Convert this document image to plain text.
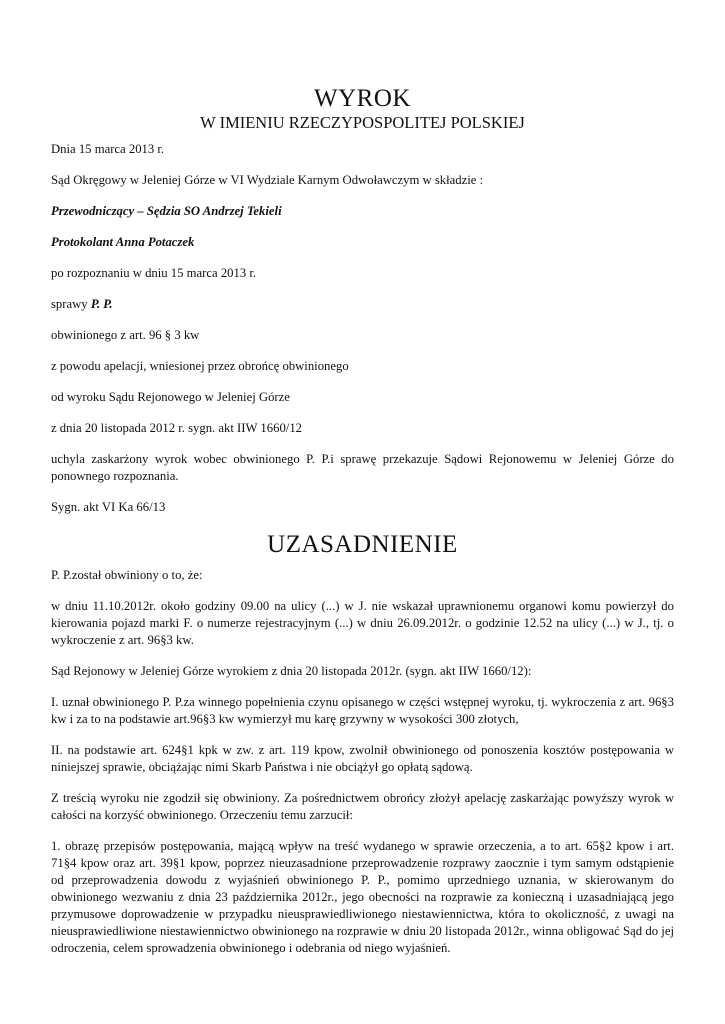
WYROK
W IMIENIU RZECZYPOSPOLITEJ POLSKIEJ

Dnia 15 marca 2013 r.

Sąd Okręgowy w Jeleniej Górze w VI Wydziale Karnym Odwoławczym w składzie :

Przewodniczący – Sędzia SO Andrzej Tekieli

Protokolant Anna Potaczek

po rozpoznaniu w dniu 15 marca 2013 r.

sprawy P. P.

obwinionego z art. 96 § 3 kw

z powodu apelacji, wniesionej przez obrońcę obwinionego

od wyroku Sądu Rejonowego w Jeleniej Górze

z dnia 20 listopada 2012 r. sygn. akt IIW 1660/12

uchyla zaskarżony wyrok wobec obwinionego P. P.i sprawę przekazuje Sądowi Rejonowemu w Jeleniej Górze do ponownego rozpoznania.

Sygn. akt VI Ka 66/13

UZASADNIENIE

P. P.został obwiniony o to, że:

w dniu 11.10.2012r. około godziny 09.00 na ulicy (...) w J. nie wskazał uprawnionemu organowi komu powierzył do kierowania pojazd marki F. o numerze rejestracyjnym (...) w dniu 26.09.2012r. o godzinie 12.52 na ulicy (...) w J., tj. o wykroczenie z art. 96§3 kw.

Sąd Rejonowy w Jeleniej Górze wyrokiem z dnia 20 listopada 2012r. (sygn. akt IIW 1660/12):

I. uznał obwinionego P. P.za winnego popełnienia czynu opisanego w części wstępnej wyroku, tj. wykroczenia z art. 96§3 kw i za to na podstawie art.96§3 kw wymierzył mu karę grzywny w wysokości 300 złotych,

II. na podstawie art. 624§1 kpk w zw. z art. 119 kpow, zwolnił obwinionego od ponoszenia kosztów postępowania w niniejszej sprawie, obciążając nimi Skarb Państwa i nie obciążył go opłatą sądową.

Z treścią wyroku nie zgodził się obwiniony. Za pośrednictwem obrońcy złożył apelację zaskarżając powyższy wyrok w całości na korzyść obwinionego. Orzeczeniu temu zarzucił:

1. obrazę przepisów postępowania, mającą wpływ na treść wydanego w sprawie orzeczenia, a to art. 65§2 kpow i art. 71§4 kpow oraz art. 39§1 kpow, poprzez nieuzasadnione przeprowadzenie rozprawy zaocznie i tym samym odstąpienie od przeprowadzenia dowodu z wyjaśnień obwinionego P. P., pomimo uprzedniego uznania, w skierowanym do obwinionego wezwaniu z dnia 23 października 2012r., jego obecności na rozprawie za konieczną i uzasadniającą jego przymusowe doprowadzenie w przypadku nieusprawiedliwionego niestawiennictwa, która to okoliczność, z uwagi na nieusprawiedliwione niestawiennictwo obwinionego na rozprawie w dniu 20 listopada 2012r., winna obligować Sąd do jej odroczenia, celem sprowadzenia obwinionego i odebrania od niego wyjaśnień.
